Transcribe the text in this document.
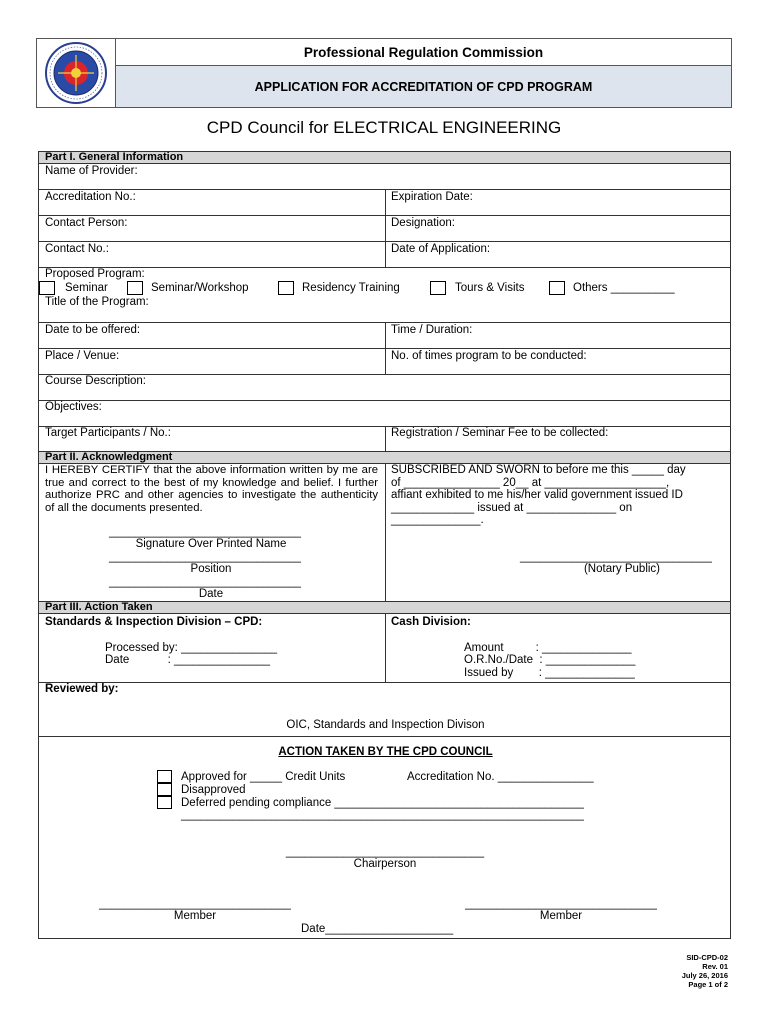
Professional Regulation Commission
APPLICATION FOR ACCREDITATION OF CPD PROGRAM
CPD Council for ELECTRICAL ENGINEERING
Part I. General Information
Name of Provider:
Accreditation No.:	Expiration Date:
Contact Person:	Designation:
Contact No.:	Date of Application:
Proposed Program:
Seminar	Seminar/Workshop	Residency Training	Tours & Visits	Others __________
Title of the Program:
Date to be offered:	Time / Duration:
Place / Venue:	No. of times program to be conducted:
Course Description:
Objectives:
Target Participants / No.:	Registration / Seminar Fee to be collected:
Part II. Acknowledgment
I HEREBY CERTIFY that the above information written by me are true and correct to the best of my knowledge and belief. I further authorize PRC and other agencies to investigate the authenticity of all the documents presented.
SUBSCRIBED AND SWORN to before me this _____ day
of _______________ 20__ at ___________________,
affiant exhibited to me his/her valid government issued ID
_____________ issued at ______________ on
______________.
______________________________
Signature Over Printed Name
______________________________
Position
______________________________
Date
______________________________
(Notary Public)
Part III. Action Taken
Standards & Inspection Division – CPD:	Cash Division:
Processed by: _______________
Date            : _______________
Amount          : ______________
O.R.No./Date  : ______________
Issued by        : ______________
Reviewed by:
OIC, Standards and Inspection Divison
ACTION TAKEN BY THE CPD COUNCIL
Approved for _____ Credit Units	Accreditation No. _______________
Disapproved
Deferred pending compliance _______________________________________
_______________________________________________________________
_______________________________
Chairperson
______________________________
Member
______________________________
Member
Date____________________
SID-CPD-02
Rev. 01
July 26, 2016
Page 1 of 2
